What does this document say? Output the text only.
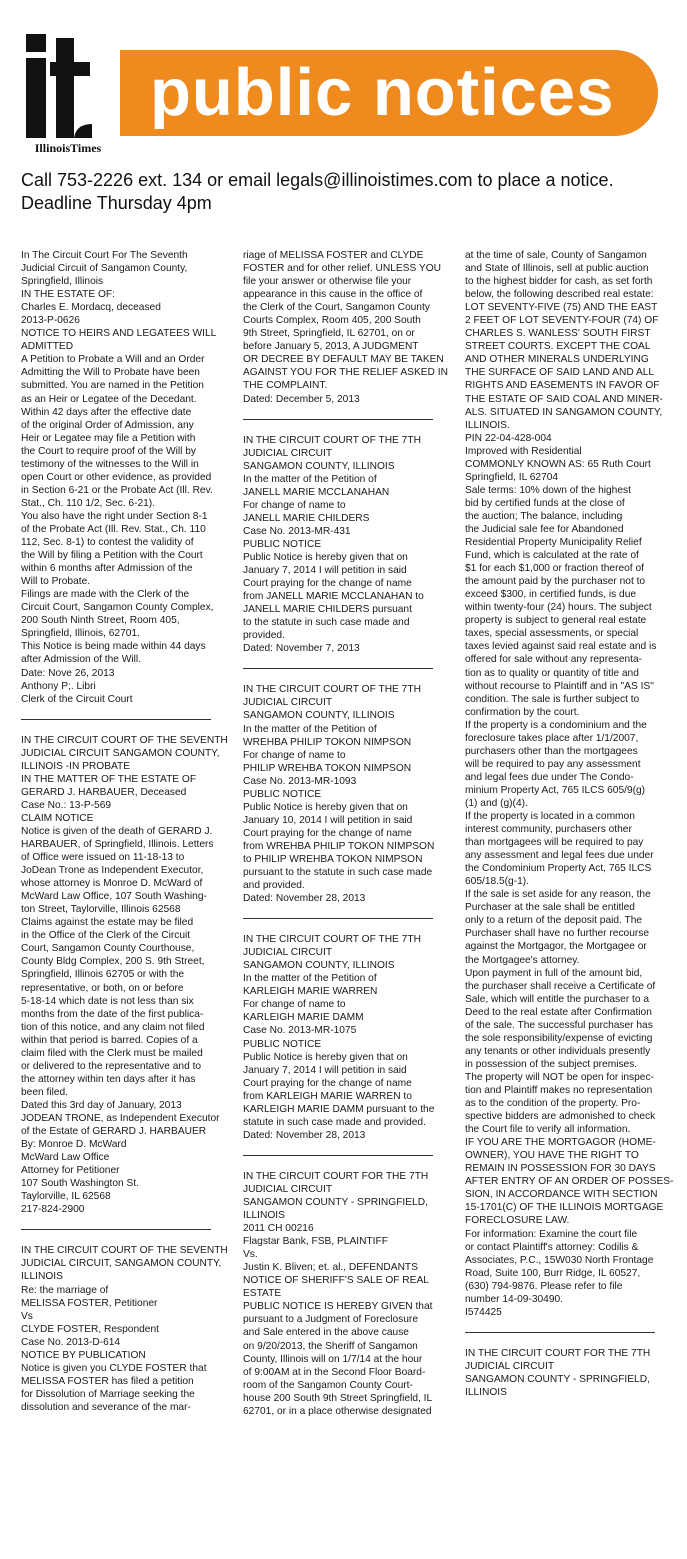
IllinoisTimes
public notices
Call 753-2226 ext. 134 or email legals@illinoistimes.com to place a notice.
Deadline Thursday 4pm
In The Circuit Court For The Seventh
Judicial Circuit of Sangamon County,
Springfield, Illinois
IN THE ESTATE OF:
Charles E. Mordacq, deceased
2013-P-0626
NOTICE TO HEIRS AND LEGATEES WILL
ADMITTED
A Petition to Probate a Will and an Order
Admitting the Will to Probate have been
submitted. You are named in the Petition
as an Heir or Legatee of the Decedant.
Within 42 days after the effective date
of the original Order of Admission, any
Heir or Legatee may file a Petition with
the Court to require proof of the Will by
testimony of the witnesses to the Will in
open Court or other evidence, as provided
in Section 6-21 or the Probate Act (Ill. Rev.
Stat., Ch. 110 1/2, Sec. 6-21).
You also have the right under Section 8-1
of the Probate Act (Ill. Rev. Stat., Ch. 110
112, Sec. 8-1) to contest the validity of
the Will by filing a Petition with the Court
within 6 months after Admission of the
Will to Probate.
Filings are made with the Clerk of the
Circuit Court, Sangamon County Complex,
200 South Ninth Street, Room 405,
Springfield, Illinois, 62701.
This Notice is being made within 44 days
after Admission of the Will.
Date: Nove 26, 2013
Anthony P;. Libri
Clerk of the Circuit Court
IN THE CIRCUIT COURT OF THE SEVENTH
JUDICIAL CIRCUIT SANGAMON COUNTY,
ILLINOIS -IN PROBATE
IN THE MATTER OF THE ESTATE OF
GERARD J. HARBAUER, Deceased
Case No.: 13-P-569
CLAIM NOTICE
Notice is given of the death of GERARD J.
HARBAUER, of Springfield, Illinois. Letters
of Office were issued on 11-18-13 to
JoDean Trone as Independent Executor,
whose attorney is Monroe D. McWard of
McWard Law Office, 107 South Washing-
ton Street, Taylorville, Illinois 62568
Claims against the estate may be filed
in the Office of the Clerk of the Circuit
Court, Sangamon County Courthouse,
County Bldg Complex, 200 S. 9th Street,
Springfield, Illinois 62705 or with the
representative, or both, on or before
5-18-14 which date is not less than six
months from the date of the first publica-
tion of this notice, and any claim not filed
within that period is barred. Copies of a
claim filed with the Clerk must be mailed
or delivered to the representative and to
the attorney within ten days after it has
been filed.
Dated this 3rd day of January, 2013
JODEAN TRONE, as Independent Executor
of the Estate of GERARD J. HARBAUER
By: Monroe D. McWard
McWard Law Office
Attorney for Petitioner
107 South Washington St.
Taylorville, IL 62568
217-824-2900
IN THE CIRCUIT COURT OF THE SEVENTH
JUDICIAL CIRCUIT, SANGAMON COUNTY,
ILLINOIS
Re: the marriage of
MELISSA FOSTER, Petitioner
Vs
CLYDE FOSTER, Respondent
Case No. 2013-D-614
NOTICE BY PUBLICATION
Notice is given you CLYDE FOSTER that
MELISSA FOSTER has filed a petition
for Dissolution of Marriage seeking the
dissolution and severance of the mar-
riage of MELISSA FOSTER and CLYDE
FOSTER and for other relief. UNLESS YOU
file your answer or otherwise file your
appearance in this cause in the office of
the Clerk of the Court, Sangamon County
Courts Complex, Room 405, 200 South
9th Street, Springfield, IL 62701, on or
before January 5, 2013, A JUDGMENT
OR DECREE BY DEFAULT MAY BE TAKEN
AGAINST YOU FOR THE RELIEF ASKED IN
THE COMPLAINT.
Dated: December 5, 2013
IN THE CIRCUIT COURT OF THE 7TH
JUDICIAL CIRCUIT
SANGAMON COUNTY, ILLINOIS
In the matter of the Petition of
JANELL MARIE MCCLANAHAN
For change of name to
JANELL MARIE CHILDERS
Case No. 2013-MR-431
PUBLIC NOTICE
Public Notice is hereby given that on
January 7, 2014 I will petition in said
Court praying for the change of name
from JANELL MARIE MCCLANAHAN to
JANELL MARIE CHILDERS pursuant
to the statute in such case made and
provided.
Dated: November 7, 2013
IN THE CIRCUIT COURT OF THE 7TH
JUDICIAL CIRCUIT
SANGAMON COUNTY, ILLINOIS
In the matter of the Petition of
WREHBA PHILIP TOKON NIMPSON
For change of name to
PHILIP WREHBA TOKON NIMPSON
Case No. 2013-MR-1093
PUBLIC NOTICE
Public Notice is hereby given that on
January 10, 2014 I will petition in said
Court praying for the change of name
from WREHBA PHILIP TOKON NIMPSON
to PHILIP WREHBA TOKON NIMPSON
pursuant to the statute in such case made
and provided.
Dated: November 28, 2013
IN THE CIRCUIT COURT OF THE 7TH
JUDICIAL CIRCUIT
SANGAMON COUNTY, ILLINOIS
In the matter of the Petition of
KARLEIGH MARIE WARREN
For change of name to
KARLEIGH MARIE DAMM
Case No. 2013-MR-1075
PUBLIC NOTICE
Public Notice is hereby given that on
January 7, 2014 I will petition in said
Court praying for the change of name
from KARLEIGH MARIE WARREN to
KARLEIGH MARIE DAMM pursuant to the
statute in such case made and provided.
Dated: November 28, 2013
IN THE CIRCUIT COURT FOR THE 7TH
JUDICIAL CIRCUIT
SANGAMON COUNTY - SPRINGFIELD,
ILLINOIS
2011 CH 00216
Flagstar Bank, FSB, PLAINTIFF
Vs.
Justin K. Bliven; et. al., DEFENDANTS
NOTICE OF SHERIFF'S SALE OF REAL
ESTATE
PUBLIC NOTICE IS HEREBY GIVEN that
pursuant to a Judgment of Foreclosure
and Sale entered in the above cause
on 9/20/2013, the Sheriff of Sangamon
County, Illinois will on 1/7/14 at the hour
of 9:00AM at in the Second Floor Board-
room of the Sangamon County Court-
house 200 South 9th Street Springfield, IL
62701, or in a place otherwise designated
at the time of sale, County of Sangamon
and State of Illinois, sell at public auction
to the highest bidder for cash, as set forth
below, the following described real estate:
LOT SEVENTY-FIVE (75) AND THE EAST
2 FEET OF LOT SEVENTY-FOUR (74) OF
CHARLES S. WANLESS' SOUTH FIRST
STREET COURTS. EXCEPT THE COAL
AND OTHER MINERALS UNDERLYING
THE SURFACE OF SAID LAND AND ALL
RIGHTS AND EASEMENTS IN FAVOR OF
THE ESTATE OF SAID COAL AND MINER-
ALS. SITUATED IN SANGAMON COUNTY,
ILLINOIS.
PIN 22-04-428-004
Improved with Residential
COMMONLY KNOWN AS: 65 Ruth Court
Springfield, IL 62704
Sale terms: 10% down of the highest
bid by certified funds at the close of
the auction; The balance, including
the Judicial sale fee for Abandoned
Residential Property Municipality Relief
Fund, which is calculated at the rate of
$1 for each $1,000 or fraction thereof of
the amount paid by the purchaser not to
exceed $300, in certified funds, is due
within twenty-four (24) hours. The subject
property is subject to general real estate
taxes, special assessments, or special
taxes levied against said real estate and is
offered for sale without any representa-
tion as to quality or quantity of title and
without recourse to Plaintiff and in "AS IS"
condition. The sale is further subject to
confirmation by the court.
If the property is a condominium and the
foreclosure takes place after 1/1/2007,
purchasers other than the mortgagees
will be required to pay any assessment
and legal fees due under The Condo-
minium Property Act, 765 ILCS 605/9(g)
(1) and (g)(4).
If the property is located in a common
interest community, purchasers other
than mortgagees will be required to pay
any assessment and legal fees due under
the Condominium Property Act, 765 ILCS
605/18.5(g-1).
If the sale is set aside for any reason, the
Purchaser at the sale shall be entitled
only to a return of the deposit paid. The
Purchaser shall have no further recourse
against the Mortgagor, the Mortgagee or
the Mortgagee's attorney.
Upon payment in full of the amount bid,
the purchaser shall receive a Certificate of
Sale, which will entitle the purchaser to a
Deed to the real estate after Confirmation
of the sale. The successful purchaser has
the sole responsibility/expense of evicting
any tenants or other individuals presently
in possession of the subject premises.
The property will NOT be open for inspec-
tion and Plaintiff makes no representation
as to the condition of the property. Pro-
spective bidders are admonished to check
the Court file to verify all information.
IF YOU ARE THE MORTGAGOR (HOME-
OWNER), YOU HAVE THE RIGHT TO
REMAIN IN POSSESSION FOR 30 DAYS
AFTER ENTRY OF AN ORDER OF POSSES-
SION, IN ACCORDANCE WITH SECTION
15-1701(C) OF THE ILLINOIS MORTGAGE
FORECLOSURE LAW.
For information: Examine the court file
or contact Plaintiff's attorney: Codilis &
Associates, P.C., 15W030 North Frontage
Road, Suite 100, Burr Ridge, IL 60527,
(630) 794-9876. Please refer to file
number 14-09-30490.
I574425
IN THE CIRCUIT COURT FOR THE 7TH
JUDICIAL CIRCUIT
SANGAMON COUNTY - SPRINGFIELD,
ILLINOIS
